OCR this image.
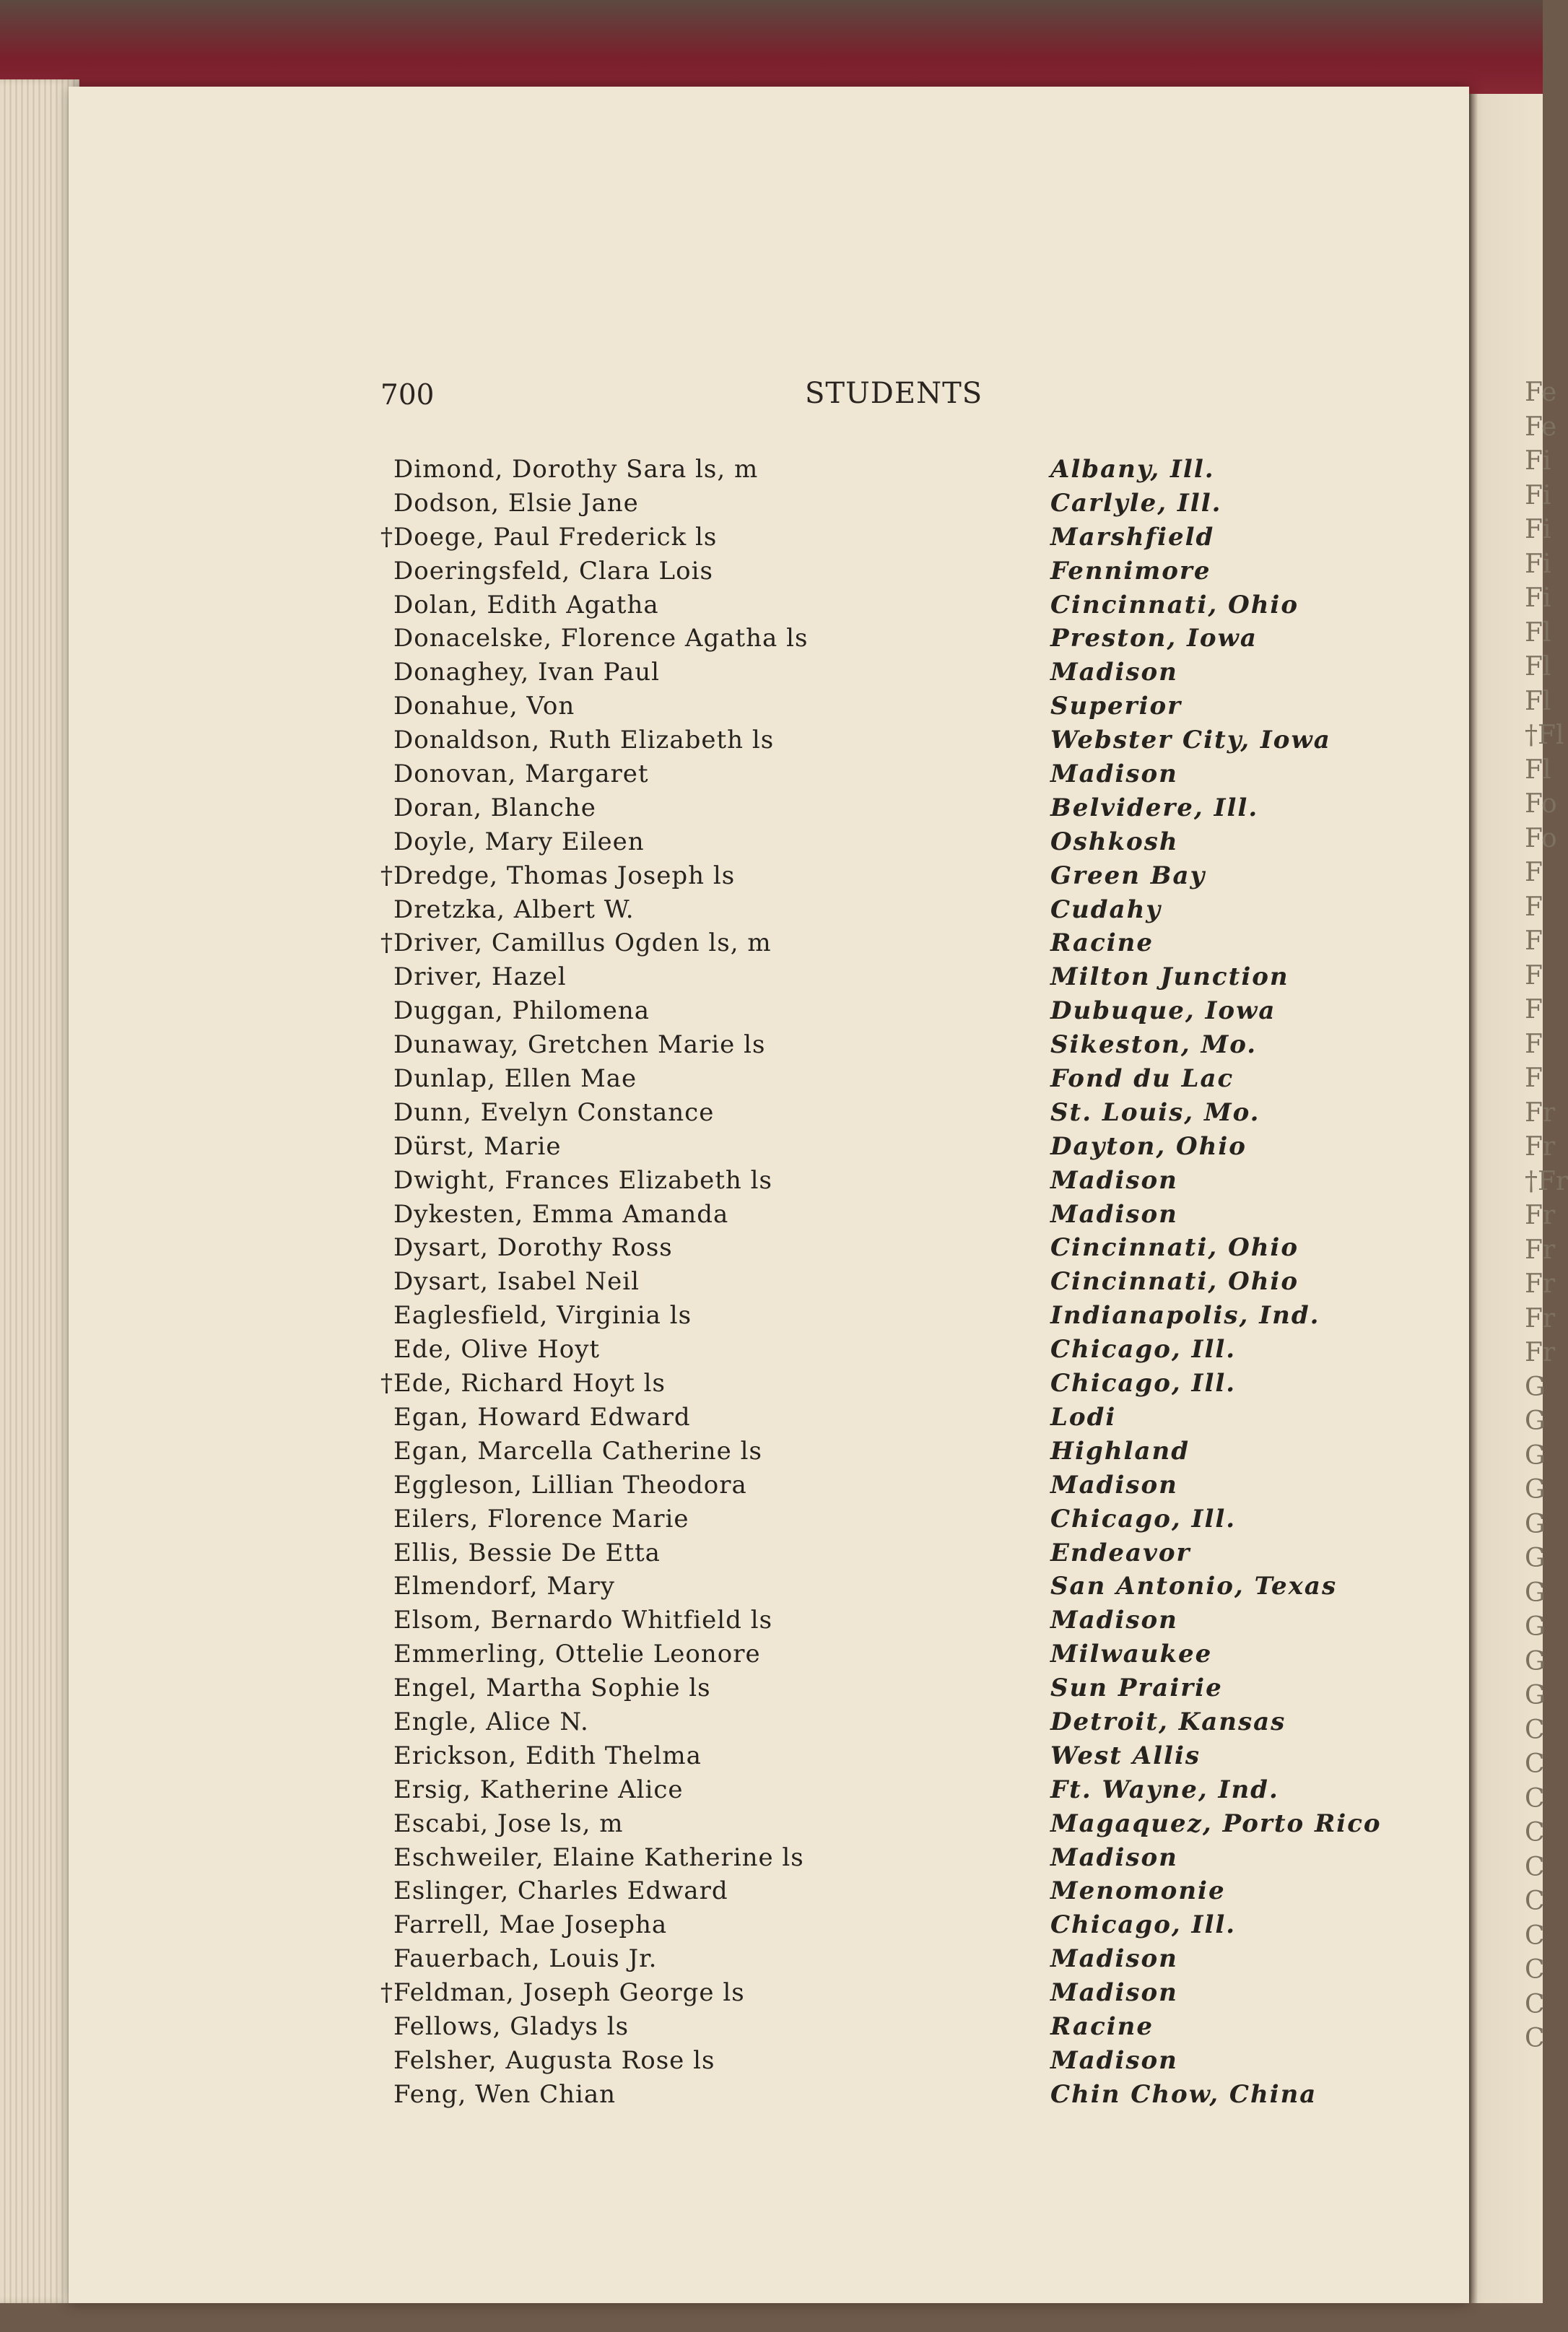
Fe
Fe
Fi
Fi
Fi
Fi
Fi
Fl
Fl
Fl
†Fl
Fl
Fo
Fo
F
F
F
F
F
F
F
Fr
Fr
†Fr
Fr
Fr
Fr
Fr
Fr
G
G
G
G
G
G
G
G
G
G
C
C
C
C
C
C
C
C
C
C
700	STUDENTS
Dimond, Dorothy Sara ls, m	Albany, Ill.
Dodson, Elsie Jane	Carlyle, Ill.
† Doege, Paul Frederick ls	Marshfield
Doeringsfeld, Clara Lois	Fennimore
Dolan, Edith Agatha	Cincinnati, Ohio
Donacelske, Florence Agatha ls	Preston, Iowa
Donaghey, Ivan Paul	Madison
Donahue, Von	Superior
Donaldson, Ruth Elizabeth ls	Webster City, Iowa
Donovan, Margaret	Madison
Doran, Blanche	Belvidere, Ill.
Doyle, Mary Eileen	Oshkosh
† Dredge, Thomas Joseph ls	Green Bay
Dretzka, Albert W.	Cudahy
† Driver, Camillus Ogden ls, m	Racine
Driver, Hazel	Milton Junction
Duggan, Philomena	Dubuque, Iowa
Dunaway, Gretchen Marie ls	Sikeston, Mo.
Dunlap, Ellen Mae	Fond du Lac
Dunn, Evelyn Constance	St. Louis, Mo.
Dürst, Marie	Dayton, Ohio
Dwight, Frances Elizabeth ls	Madison
Dykesten, Emma Amanda	Madison
Dysart, Dorothy Ross	Cincinnati, Ohio
Dysart, Isabel Neil	Cincinnati, Ohio
Eaglesfield, Virginia ls	Indianapolis, Ind.
Ede, Olive Hoyt	Chicago, Ill.
† Ede, Richard Hoyt ls	Chicago, Ill.
Egan, Howard Edward	Lodi
Egan, Marcella Catherine ls	Highland
Eggleson, Lillian Theodora	Madison
Eilers, Florence Marie	Chicago, Ill.
Ellis, Bessie De Etta	Endeavor
Elmendorf, Mary	San Antonio, Texas
Elsom, Bernardo Whitfield ls	Madison
Emmerling, Ottelie Leonore	Milwaukee
Engel, Martha Sophie ls	Sun Prairie
Engle, Alice N.	Detroit, Kansas
Erickson, Edith Thelma	West Allis
Ersig, Katherine Alice	Ft. Wayne, Ind.
Escabi, Jose ls, m	Magaquez, Porto Rico
Eschweiler, Elaine Katherine ls	Madison
Eslinger, Charles Edward	Menomonie
Farrell, Mae Josepha	Chicago, Ill.
Fauerbach, Louis Jr.	Madison
† Feldman, Joseph George ls	Madison
Fellows, Gladys ls	Racine
Felsher, Augusta Rose ls	Madison
Feng, Wen Chian	Chin Chow, China
